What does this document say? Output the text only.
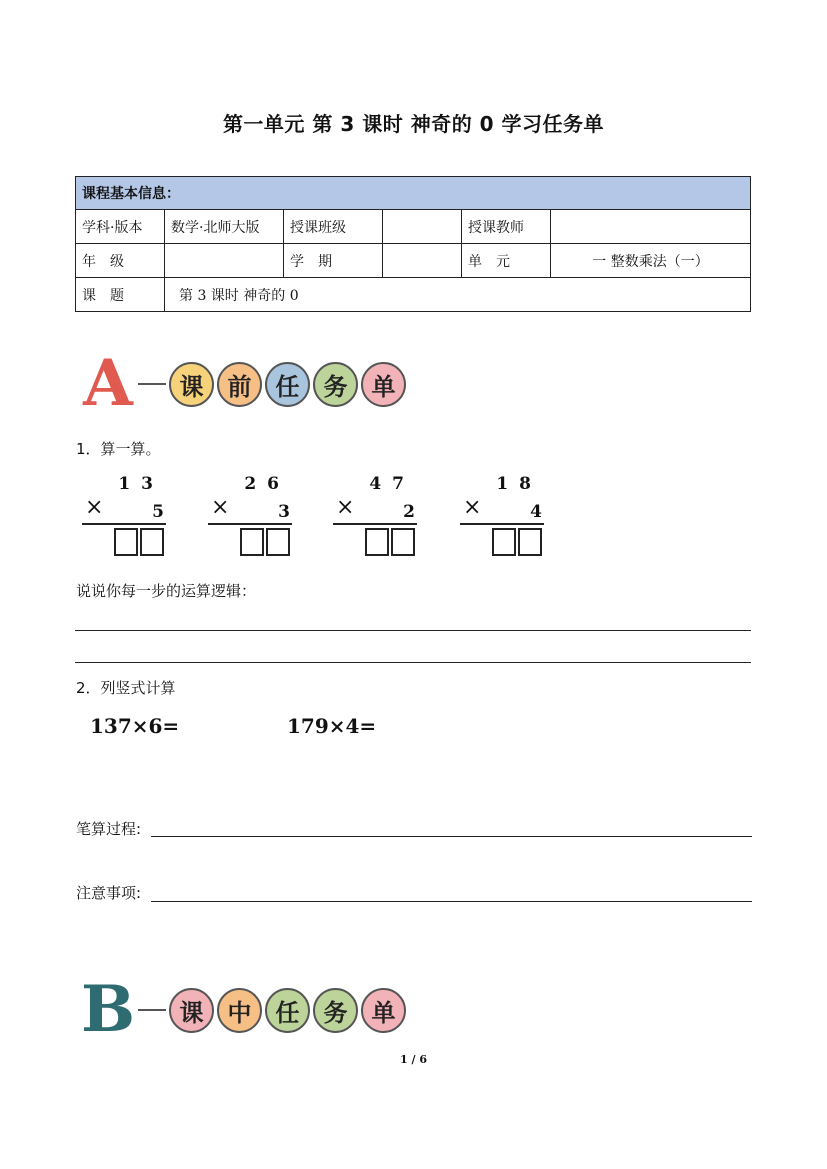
第一单元 第 3 课时 神奇的 0 学习任务单
课程基本信息：					
学科·版本	数学·北师大版	授课班级		授课教师	
年　级		学　期		单　元	一 整数乘法（一）
课　题	第 3 课时 神奇的 0				
A	课	前	任	务	单
1．算一算。
13
×	5
26
×	3
47
×	2
18
×	4
说说你每一步的运算逻辑：
2．列竖式计算
137×6=	179×4=
笔算过程:
注意事项:
B	课	中	任	务	单
1 / 6
